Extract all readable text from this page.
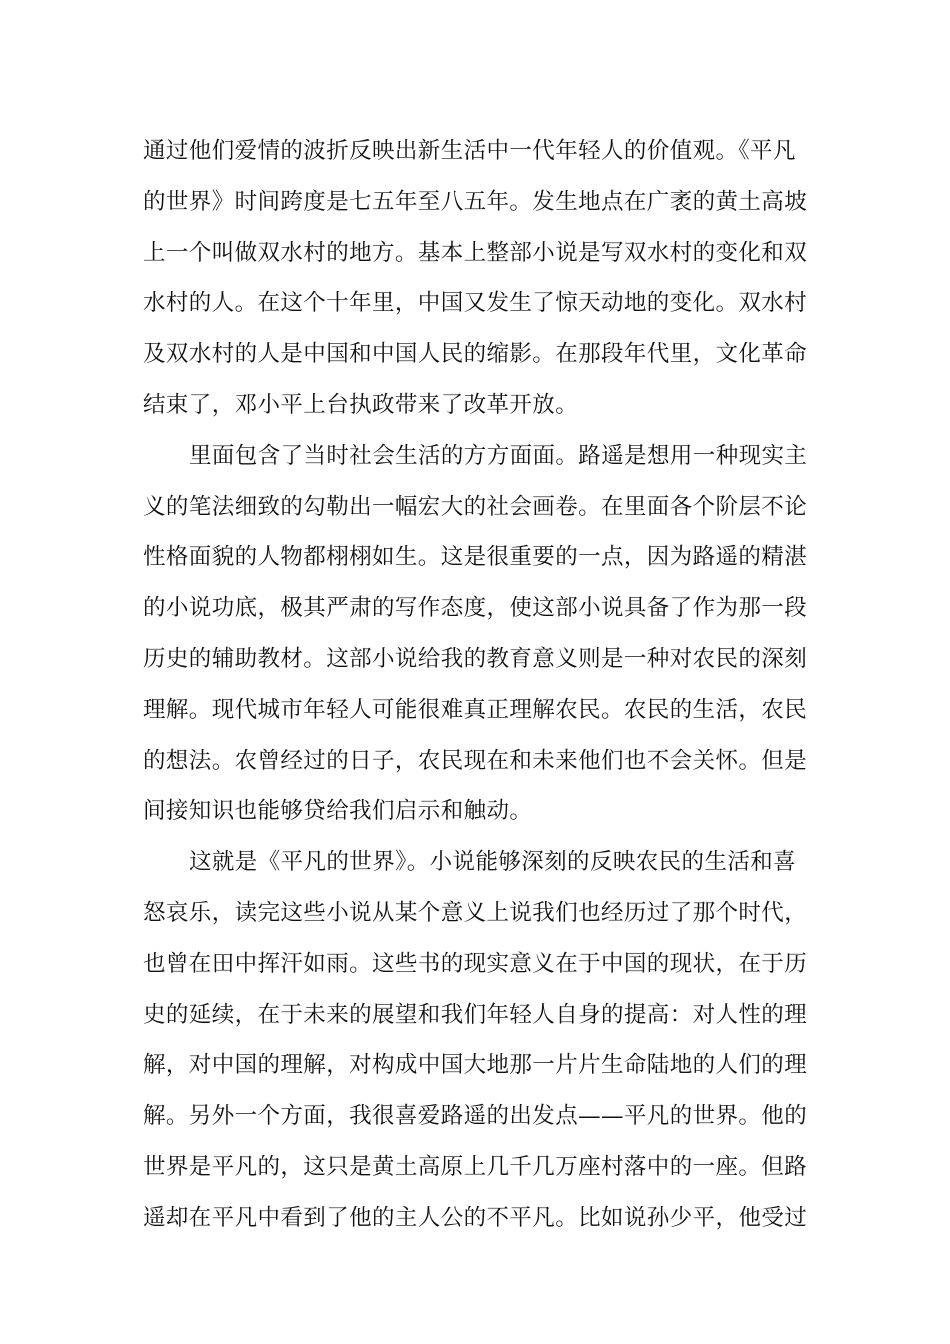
通过他们爱情的波折反映出新生活中一代年轻人的价值观。《平凡
的世界》时间跨度是七五年至八五年。发生地点在广袤的黄土高坡
上一个叫做双水村的地方。基本上整部小说是写双水村的变化和双
水村的人。在这个十年里，中国又发生了惊天动地的变化。双水村
及双水村的人是中国和中国人民的缩影。在那段年代里，文化革命
结束了，邓小平上台执政带来了改革开放。
里面包含了当时社会生活的方方面面。路遥是想用一种现实主
义的笔法细致的勾勒出一幅宏大的社会画卷。在里面各个阶层不论
性格面貌的人物都栩栩如生。这是很重要的一点，因为路遥的精湛
的小说功底，极其严肃的写作态度，使这部小说具备了作为那一段
历史的辅助教材。这部小说给我的教育意义则是一种对农民的深刻
理解。现代城市年轻人可能很难真正理解农民。农民的生活，农民
的想法。农曾经过的日子，农民现在和未来他们也不会关怀。但是
间接知识也能够贷给我们启示和触动。
这就是《平凡的世界》。小说能够深刻的反映农民的生活和喜
怒哀乐，读完这些小说从某个意义上说我们也经历过了那个时代，
也曾在田中挥汗如雨。这些书的现实意义在于中国的现状，在于历
史的延续，在于未来的展望和我们年轻人自身的提高：对人性的理
解，对中国的理解，对构成中国大地那一片片生命陆地的人们的理
解。另外一个方面，我很喜爱路遥的出发点——平凡的世界。他的
世界是平凡的，这只是黄土高原上几千几万座村落中的一座。但路
遥却在平凡中看到了他的主人公的不平凡。比如说孙少平，他受过
